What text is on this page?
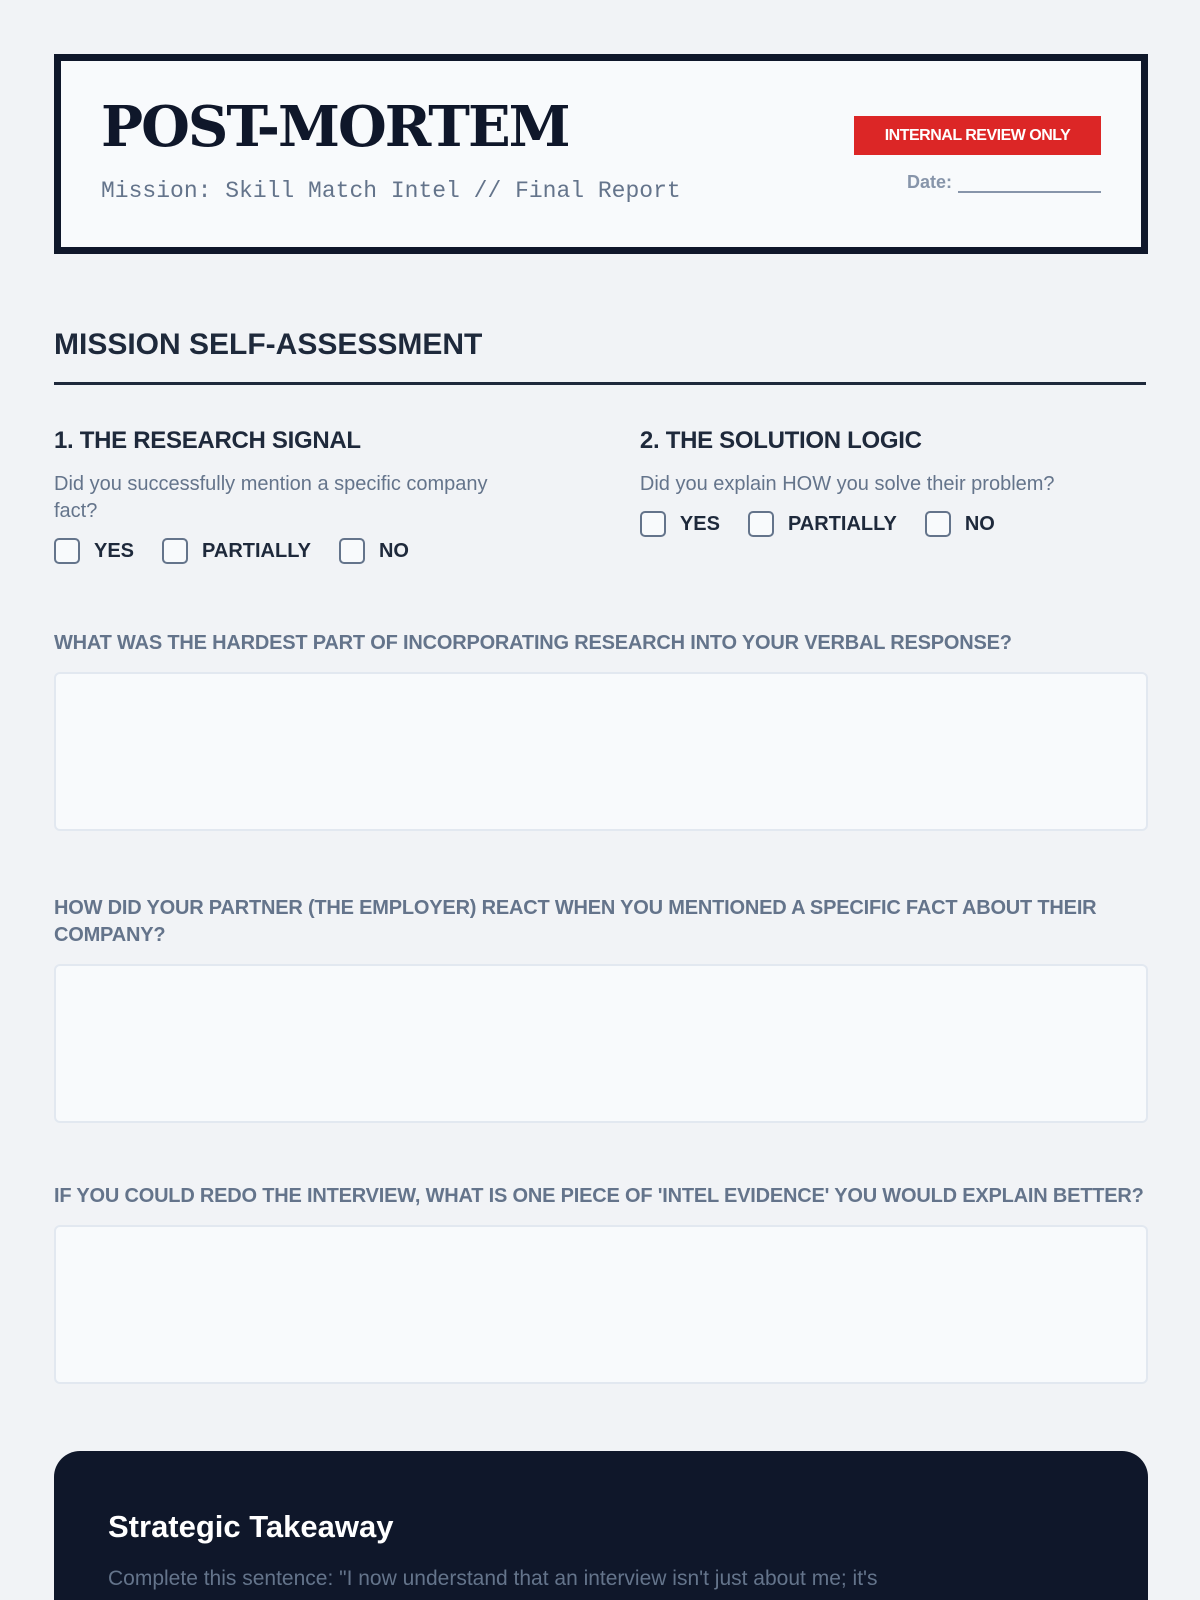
POST-MORTEM
Mission: Skill Match Intel // Final Report
INTERNAL REVIEW ONLY
Date:
MISSION SELF-ASSESSMENT
1. THE RESEARCH SIGNAL
Did you successfully mention a specific company fact?
YES	PARTIALLY	NO
2. THE SOLUTION LOGIC
Did you explain HOW you solve their problem?
YES	PARTIALLY	NO
WHAT WAS THE HARDEST PART OF INCORPORATING RESEARCH INTO YOUR VERBAL RESPONSE?
HOW DID YOUR PARTNER (THE EMPLOYER) REACT WHEN YOU MENTIONED A SPECIFIC FACT ABOUT THEIR COMPANY?
IF YOU COULD REDO THE INTERVIEW, WHAT IS ONE PIECE OF 'INTEL EVIDENCE' YOU WOULD EXPLAIN BETTER?
Strategic Takeaway
Complete this sentence: "I now understand that an interview isn't just about me; it's
